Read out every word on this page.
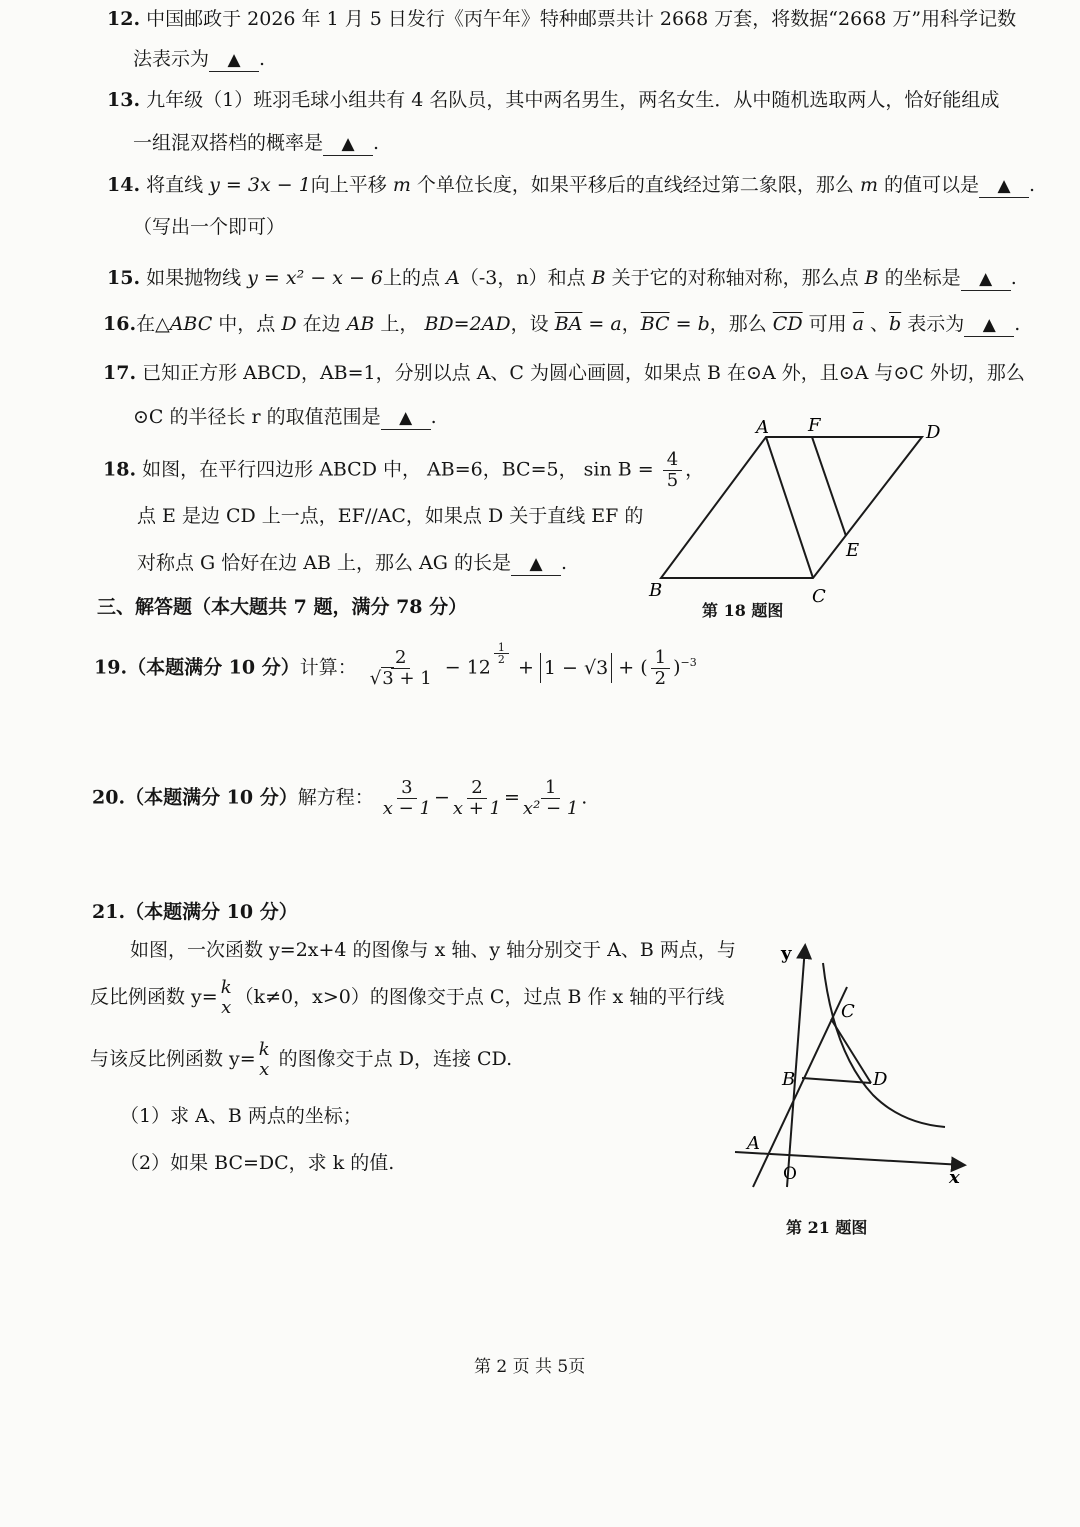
12. 中国邮政于 2026 年 1 月 5 日发行《丙午年》特种邮票共计 2668 万套，将数据“2668 万”用科学记数
法表示为 ▲ .
13. 九年级（1）班羽毛球小组共有 4 名队员，其中两名男生，两名女生．从中随机选取两人，恰好能组成
一组混双搭档的概率是 ▲ .
14. 将直线 y = 3x − 1向上平移 m 个单位长度，如果平移后的直线经过第二象限，那么 m 的值可以是 ▲ .
（写出一个即可）
15. 如果抛物线 y = x² − x − 6上的点 A（-3，n）和点 B 关于它的对称轴对称，那么点 B 的坐标是 ▲ .
16.在△ABC 中，点 D 在边 AB 上， BD=2AD，设 $\overline{BA} = a$，$\overline{BC} = b$，那么 $\overline{CD}$ 可用 $\overline{a}$ 、$\overline{b}$ 表示为 ▲ .
17. 已知正方形 ABCD，AB=1，分别以点 A、C 为圆心画圆，如果点 B 在⊙A 外，且⊙A 与⊙C 外切，那么
⊙C 的半径长 r 的取值范围是 ▲ .
18. 如图，在平行四边形 ABCD 中， AB=6，BC=5， $\sin B = \frac{4}{5}$ ，
点 E 是边 CD 上一点，EF//AC，如果点 D 关于直线 EF 的
对称点 G 恰好在边 AB 上，那么 AG 的长是 ▲ .
A F	D
E
B	C
第 18 题图
三、解答题（本大题共 7 题，满分 78 分）
19.（本题满分 10 分）计算： $\frac{2}{√3 + 1} - 12$
$\frac{1}{2}$
+ 1 − √3 + ( $\frac{1}{2} )^{-3}$
20.（本题满分 10 分）解方程： $\frac{3}{x - 1} - \frac{2}{x + 1} = \frac{1}{\text{x² − 1}}$ .
21.（本题满分 10 分）
如图，一次函数 y=2x+4 的图像与 x 轴、y 轴分别交于 A、B 两点，与
反比例函数 y= k
x （k≠0，x>0）的图像交于点 C，过点 B 作 x 轴的平行线
与该反比例函数 y= k
x 的图像交于点 D，连接 CD.
（1）求 A、B 两点的坐标；
（2）如果 BC=DC，求 k 的值.
y
C
B	D
A
O	x
第 21 题图
第 2 页 共 5页
